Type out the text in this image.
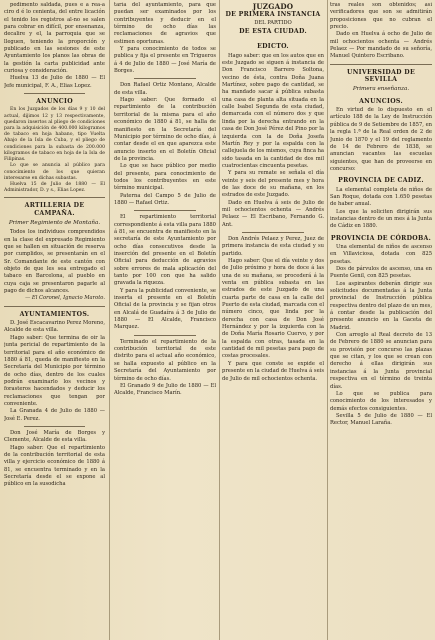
pedimento saldada, pues e a rea-a ciro d é lo cenienta, del entre licación el tenido los registros al-no se salen para cobrar en difícil, por ensenanza, decalire y el, la parroquia que se lleguen, teniendo la proporción y publicado en las sesiones de este Ayuntamiento los planos las obras de la gestión la carta publicidad ante curiosa y consideración.

Huelva 13 de Julio de 1880 — El Jefe municipal, F. A., Elias Lopez.

ANUNCIO

En los Juzgados de los días 9 y 10 del actual, dijimos 12 y 13 respectivamente, quedaron insertos al pliego de condiciones para la adquisición de 400.000 kilogramos de tabaco en hoja habano, tipo Vuelta Abajo de la Isla de Cuba, y el pliego de condiciones para la subasta de 200.000 kilogramos de tabaco en hoja de la Isla de Filipinas.

Lo que se anuncia al público para conocimiento de los que quieran interesarse en dichas subastas.

Huelva 15 de Julio de 1880 — El Administrador, D. y s., Elias Lopez.

ARTILLERIA DE CAMPAÑA.
Primer Regimiento de Montaña.

Todos los individuos comprendidos en la clase del expresado Regimiento que se hallen en situación de reserva por cumplidos, se presentarán en el Sr. Comandante de este cantón con objeto de que les sea entregado el tabaco en Barcelona, al pueblo en cuya caja se presentaron pagarle al pago de dichos alcances.

— El Coronel, Ignacio Maroto.

AYUNTAMIENTOS.

D. José Escacavarino Perez Moreno, Alcalde de esta villa.

Hago saber: Que termina de oir la junta pericial de repartimiento de la territorial para el año económico de 1880 á 81, queda de manifiesto en la Secretaría del Municipio por término de ocho días, dentro de los cuales podrán examinarlo los vecinos y forasteros hacendados y deducir los reclamaciones que tengan por conveniente.

La Granada 4 de Julio de 1880 — José E. Perez.

Don José María de Borges y Clemente, Alcalde de esta villa.

Hago saber: Que el repartimiento de la contribución territorial de esta villa y ejercicio económico de 1880 á 81, se encuentra terminado y en la Secretaría desde el se expone al público en la susodicha

taría del ayuntamiento, para que puedan ser examinados por los contribuyentes y deducir en el término de ocho días las reclamaciones de agravios que estimen oportunas.

Y para conocimiento de todos se publica y fija el presente en Trigueros á 4 de Julio de 1880 — José María de Borges.

Don Rafael Ortiz Montano, Alcalde de esta villa.

Hago saber: Que formado el repartimiento de la contribución territorial de la misma para el año económico de 1880 á 81, se halla de manifiesto en la Secretaría del Municipio por término de ocho días, á contar desde el en que aparezca este anuncio inserto en el Boletín Oficial de la provincia.

Lo que se hace público por medio del presente, para conocimiento de todos los contribuyentes en este término municipal.

Paterna del Campo 5 de Julio de 1880 — Rafael Ortiz.

El repartimiento territorial correspondiente á esta villa para 1880 á 81, se encuentra de manifiesto en la secretaría de este Ayuntamiento por ocho días consecutivos desde la inserción del presente en el Boletín Oficial para deducción de agravios sobre errores de mala aplicación del tanto por 100 con que ha salido gravada la riqueza.

Y para la publicidad conveniente, se inserta el presente en el Boletín Oficial de la provincia y se fijan otros en Alcalá de Guadaíra á 3 de Julio de 1880 — El Alcalde, Francisco Marquez.

Terminado el repartimiento de la contribución territorial de este distrito para el actual año económico, se halla expuesto al público en la Secretaría del Ayuntamiento por término de ocho días.

El Granado 9 de Julio de 1880 — El Alcalde, Francisco Marín.

JUZGADO
DE PRIMERA INSTANCIA
DEL PARTIDO
DE ESTA CIUDAD.
EDICTO.

Hago saber: que en los autos que en este Juzgado se siguen á instancia de Don Francisco Barrero Soltona, vecino de ésta, contra Doña Juana Martínez, sobre pago de cantidad, se ha mandado sacar á pública subasta una casa de planta alta situada en la calle Isabel Segunda de esta ciudad, demarcada con el número dos y que linda por la derecha entrando en la casa de Don José Pérez del Pino por la izquierda con la de Doña Josefa Martín Rey y por la espalda con la callejuela de los mismos, cuya finca ha sido tasada en la cantidad de dos mil cuatrocientas cincuenta pesetas.

Y para su remate se señala el día veinte y seis del presente mes y hora de las doce de su mañana, en los estrados de este Juzgado.

Dado en Huelva á seis de Julio de mil ochocientos ochenta — Andrés Pelaez — El Escribano, Fernando G. Ant.

Don Andrés Pelaez y Perez, Juez de primera instancia de esta ciudad y su partido.

Hago saber: Que el día veinte y dos de Julio próximo y hora de doce á las una de su mañana, se procederá á la venta en pública subasta en las estrados de este Juzgado de una cuarta parte de casa en la calle del Puerto de esta ciudad, marcada con el número cinco, que linda por la derecha con casa de Don José Hernández y por la izquierda con la de Doña María Rosario Cuervo, y por la espalda con otras, tasada en la cantidad de mil pesetas para pago de costas procesales.

Y para que conste se expide el presente en la ciudad de Huelva á seis de Julio de mil ochocientos ochenta.

tras reales son obtenidos; así verificadores que son se admitirán proposiciones que no cubran el precio.

Dado en Huelva á ocho de Julio de mil ochocientos ochenta — Andrés Pelaez — Por mandado de su señoría, Manuel Quintero Escribano.

UNIVERSIDAD DE SEVILLA
Primera enseñanza.
ANUNCIOS.

En virtud de lo dispuesto en el artículo 188 de la Ley de Instrucción pública de 9 de Setiembre de 1857, en la regla 1.ª de la Real orden de 2 de Junio de 1870 y el 19 del reglamento de 14 de Febrero de 1838, se anuncian vacantes las escuelas siguientes, que han de proveerse en concurso:

PROVINCIA DE CADIZ.

La elemental completa de niños de San Roque, dotada con 1.650 pesetas de haber anual.

Los que la soliciten dirigirán sus instancias dentro de un mes á la Junta de Cádiz en 1880.

PROVINCIA DE CÓRDOBA.

Una elemental de niños de ascenso en Villaviciosa, dotada con 825 pesetas.

Dos de párvulos de ascenso, una en Puente Genil, con 825 pesetas.

Los aspirantes deberán dirigir sus solicitudes documentadas á la Junta provincial de Instrucción pública respectiva dentro del plazo de un mes, á contar desde la publicación del presente anuncio en la Gaceta de Madrid.

Con arreglo al Real decreto de 13 de Febrero de 1880 se anuncian para su provisión por concurso las plazas que se citan, y los que se crean con derecho á ellas dirigirán sus instancias á la Junta provincial respectiva en el término de treinta días.

Lo que se publica para conocimiento de los interesados y demás efectos consiguientes.

Sevilla 5 de Julio de 1880 — El Rector, Manuel Laraña.
